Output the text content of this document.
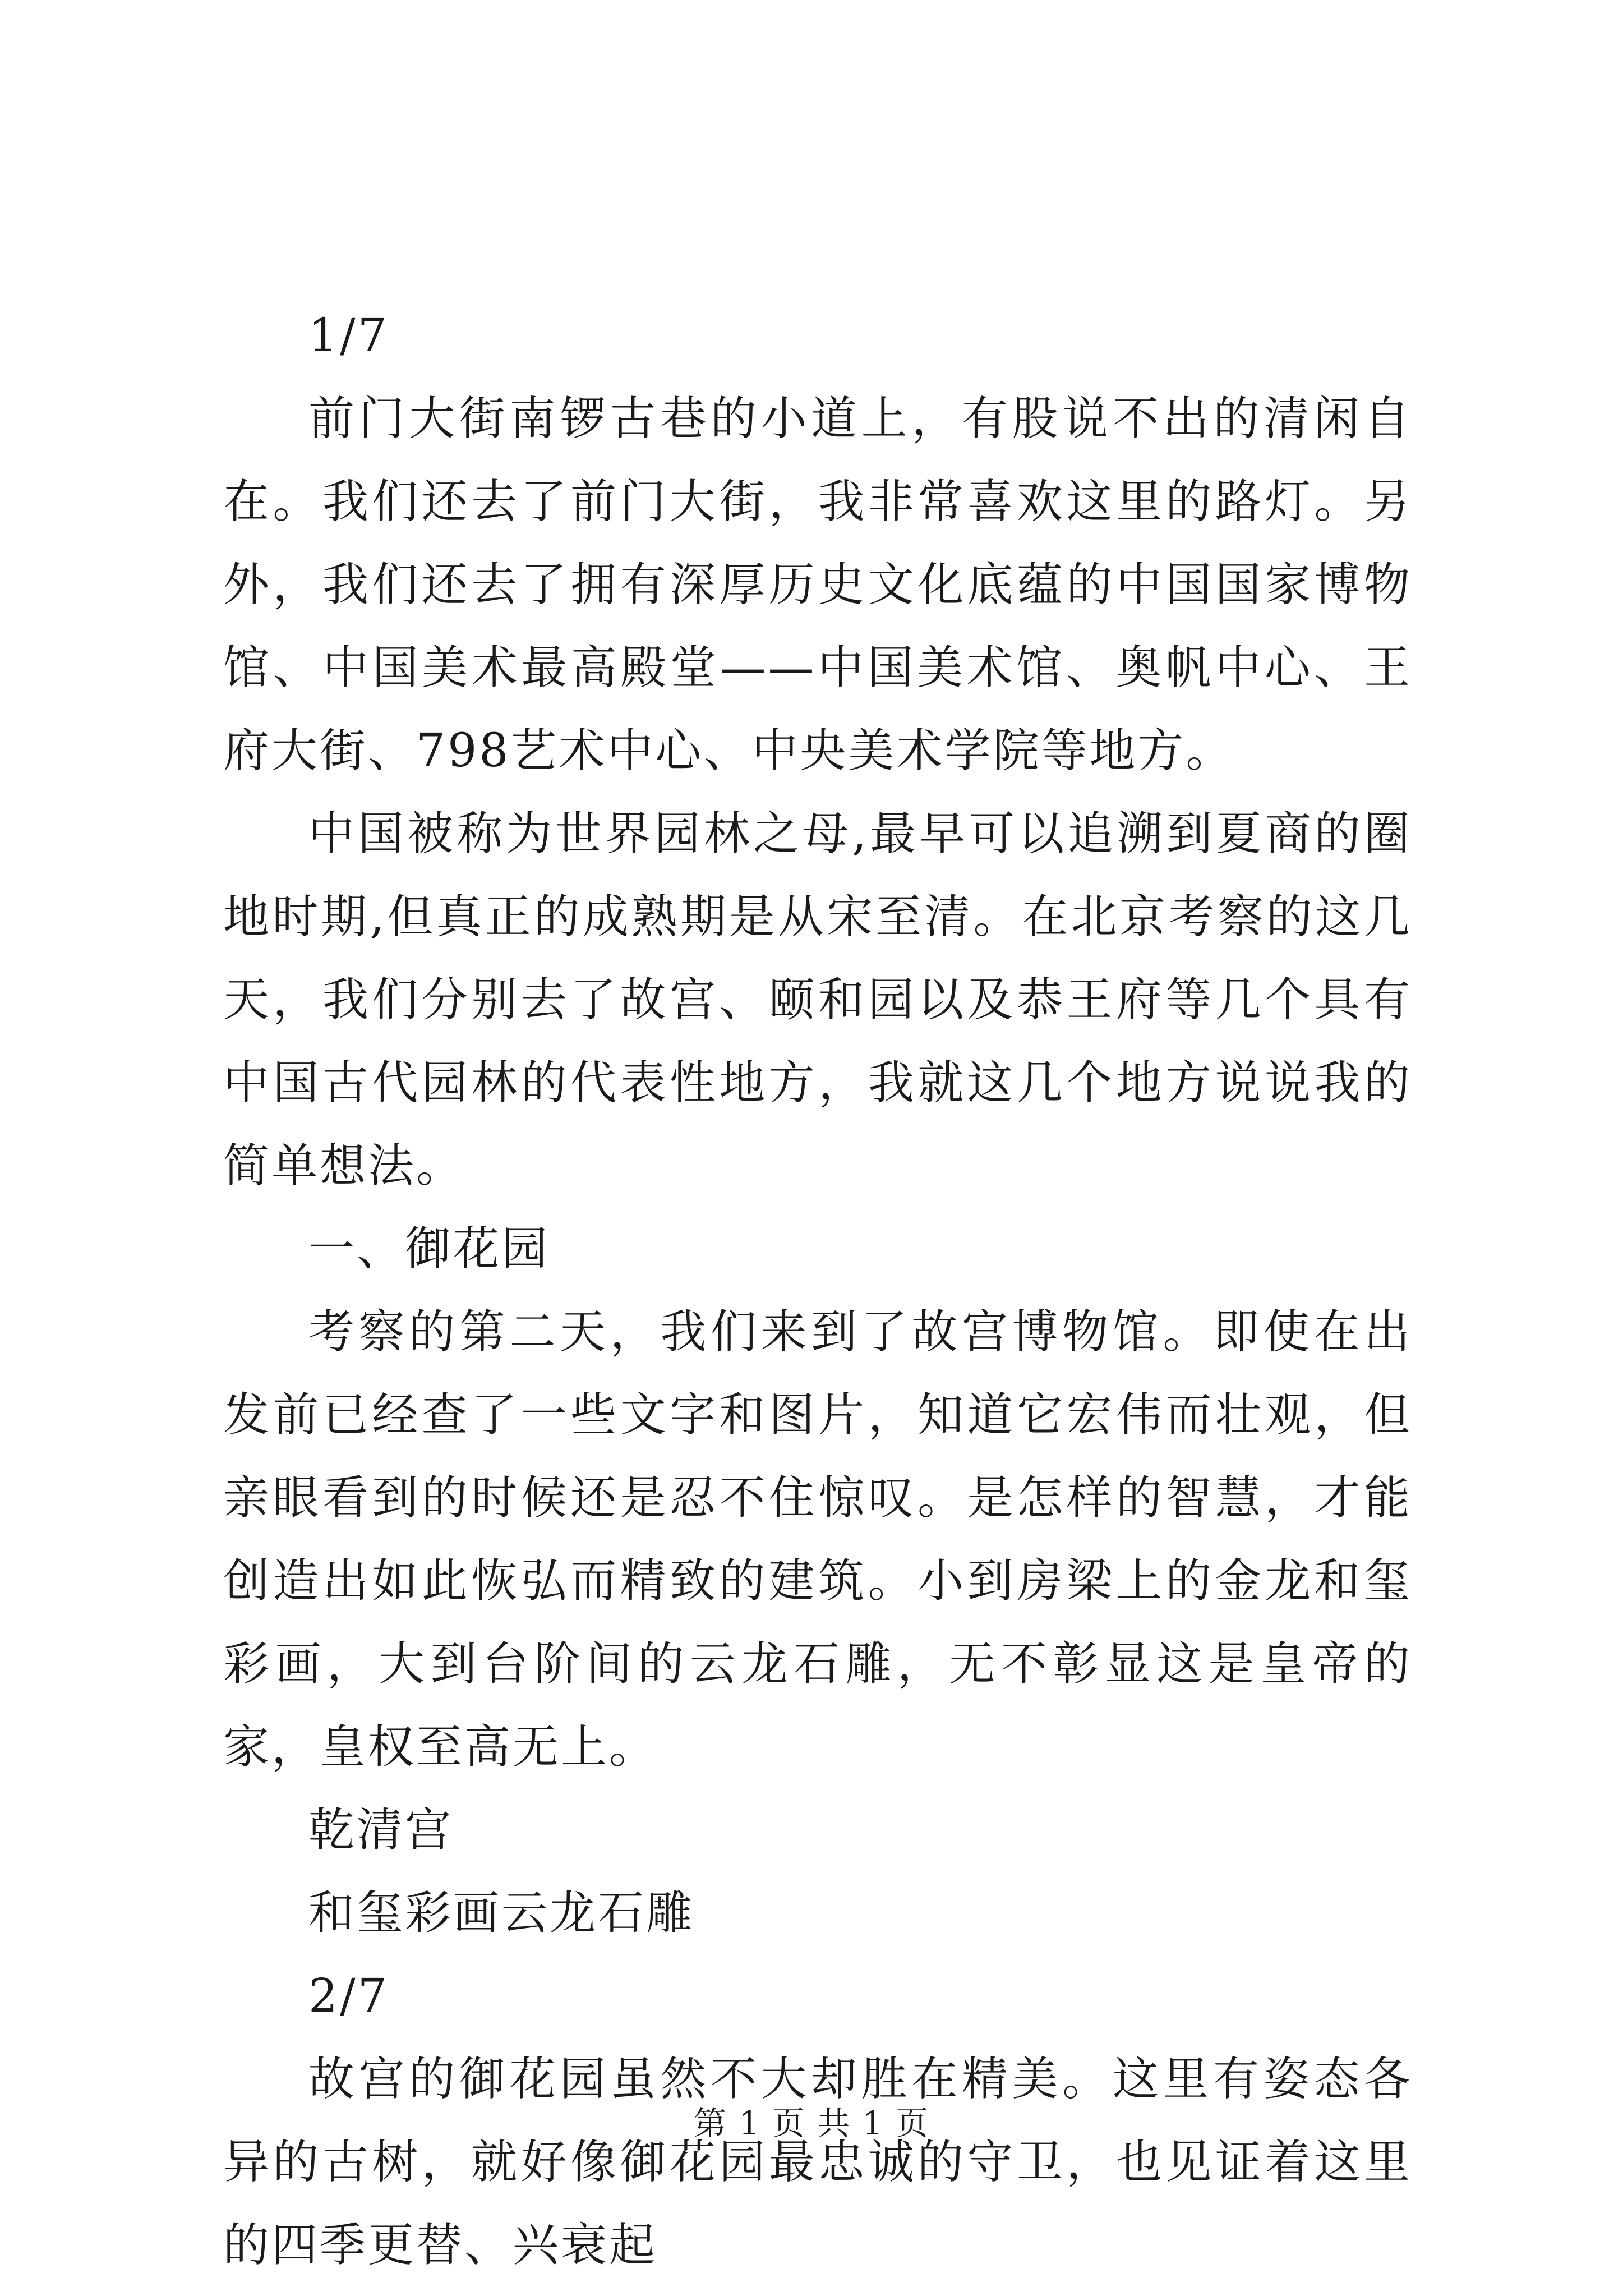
1/7

前门大街南锣古巷的小道上，有股说不出的清闲自在。我们还去了前门大街，我非常喜欢这里的路灯。另外，我们还去了拥有深厚历史文化底蕴的中国国家博物馆、中国美术最高殿堂——中国美术馆、奥帆中心、王府大街、798艺术中心、中央美术学院等地方。

中国被称为世界园林之母,最早可以追溯到夏商的圈地时期,但真正的成熟期是从宋至清。在北京考察的这几天，我们分别去了故宫、颐和园以及恭王府等几个具有中国古代园林的代表性地方，我就这几个地方说说我的简单想法。

一、御花园

考察的第二天，我们来到了故宫博物馆。即使在出发前已经查了一些文字和图片，知道它宏伟而壮观，但亲眼看到的时候还是忍不住惊叹。是怎样的智慧，才能创造出如此恢弘而精致的建筑。小到房梁上的金龙和玺彩画，大到台阶间的云龙石雕，无不彰显这是皇帝的家，皇权至高无上。

乾清宫

和玺彩画云龙石雕

2/7

故宫的御花园虽然不大却胜在精美。这里有姿态各异的古树，就好像御花园最忠诚的守卫，也见证着这里的四季更替、兴衰起

第 1 页 共 1 页
